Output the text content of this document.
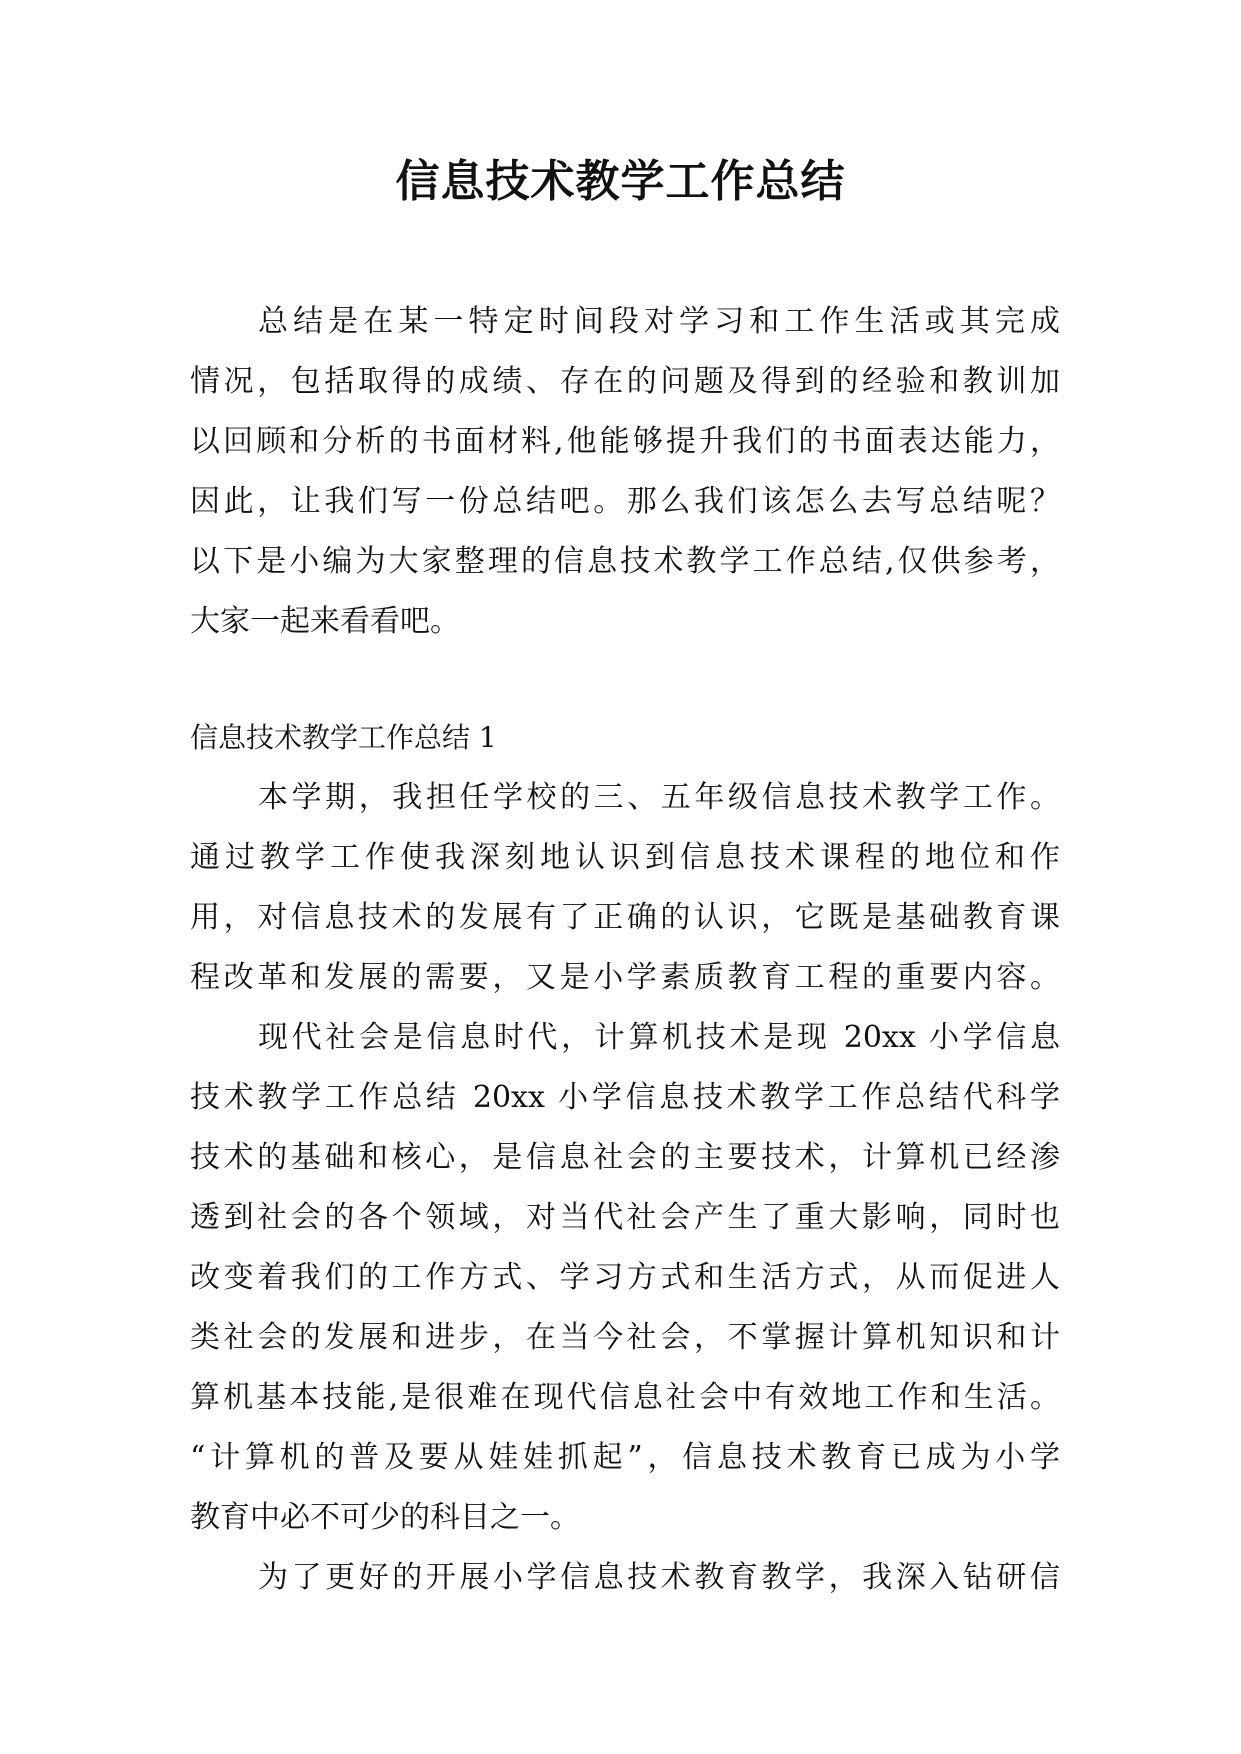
信息技术教学工作总结
总结是在某一特定时间段对学习和工作生活或其完成
情况，包括取得的成绩、存在的问题及得到的经验和教训加
以回顾和分析的书面材料,他能够提升我们的书面表达能力，
因此，让我们写一份总结吧。那么我们该怎么去写总结呢？
以下是小编为大家整理的信息技术教学工作总结,仅供参考，
大家一起来看看吧。
信息技术教学工作总结 1
本学期，我担任学校的三、五年级信息技术教学工作。
通过教学工作使我深刻地认识到信息技术课程的地位和作
用，对信息技术的发展有了正确的认识，它既是基础教育课
程改革和发展的需要，又是小学素质教育工程的重要内容。
现代社会是信息时代，计算机技术是现 20xx 小学信息
技术教学工作总结 20xx 小学信息技术教学工作总结代科学
技术的基础和核心，是信息社会的主要技术，计算机已经渗
透到社会的各个领域，对当代社会产生了重大影响，同时也
改变着我们的工作方式、学习方式和生活方式，从而促进人
类社会的发展和进步，在当今社会，不掌握计算机知识和计
算机基本技能,是很难在现代信息社会中有效地工作和生活。
“计算机的普及要从娃娃抓起”，信息技术教育已成为小学
教育中必不可少的科目之一。
为了更好的开展小学信息技术教育教学，我深入钻研信
